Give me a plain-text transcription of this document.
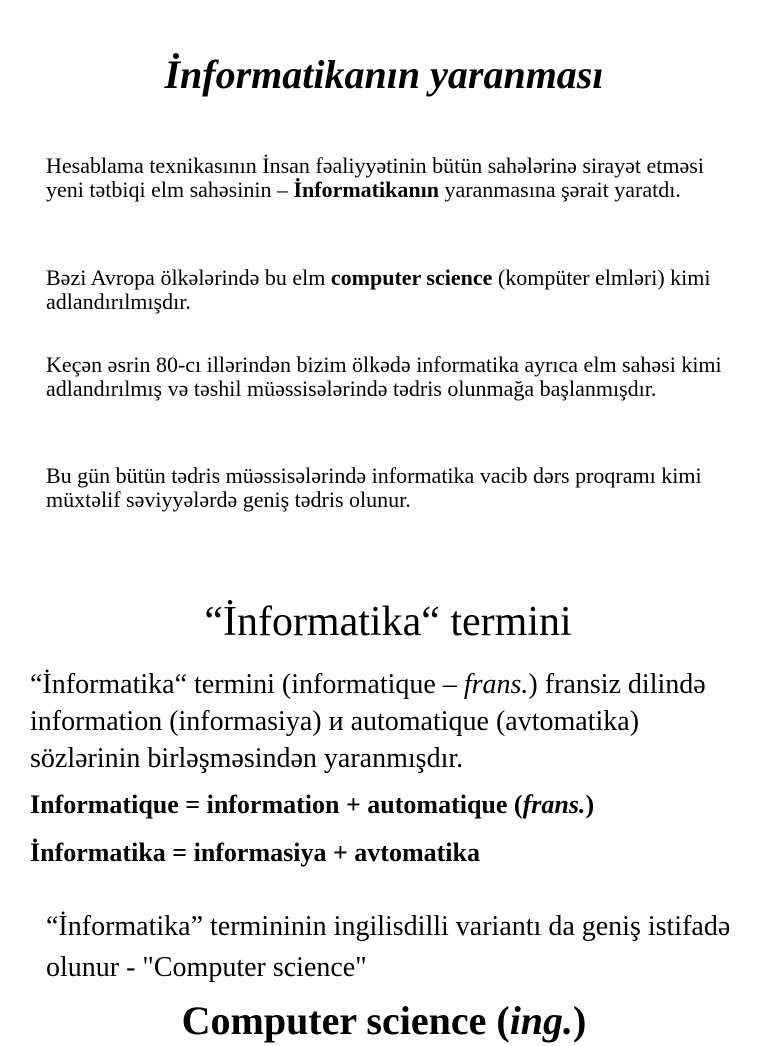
İnformatikanın yaranması

Hesablama texnikasının İnsan fəaliyyətinin bütün sahələrinə sirayət etməsi yeni tətbiqi elm sahəsinin – İnformatikanın yaranmasına şərait yaratdı.

Bəzi Avropa ölkələrində bu elm computer science (kompüter elmləri) kimi adlandırılmışdır.

Keçən əsrin 80-cı illərindən bizim ölkədə informatika ayrıca elm sahəsi kimi adlandırılmış və təshil müəssisələrində tədris olunmağa başlanmışdır.

Bu gün bütün tədris müəssisələrində informatika vacib dərs proqramı kimi müxtəlif səviyyələrdə geniş tədris olunur.

“İnformatika“ termini

“İnformatika“ termini (informatique – frans.) fransiz dilində information (informasiya) и automatique (avtomatika) sözlərinin birləşməsindən yaranmışdır.

Informatique = information + automatique (frans.)

İnformatika = informasiya + avtomatika

“İnformatika” termininin ingilisdilli variantı da geniş istifadə olunur - "Computer science"

Computer science (ing.)
